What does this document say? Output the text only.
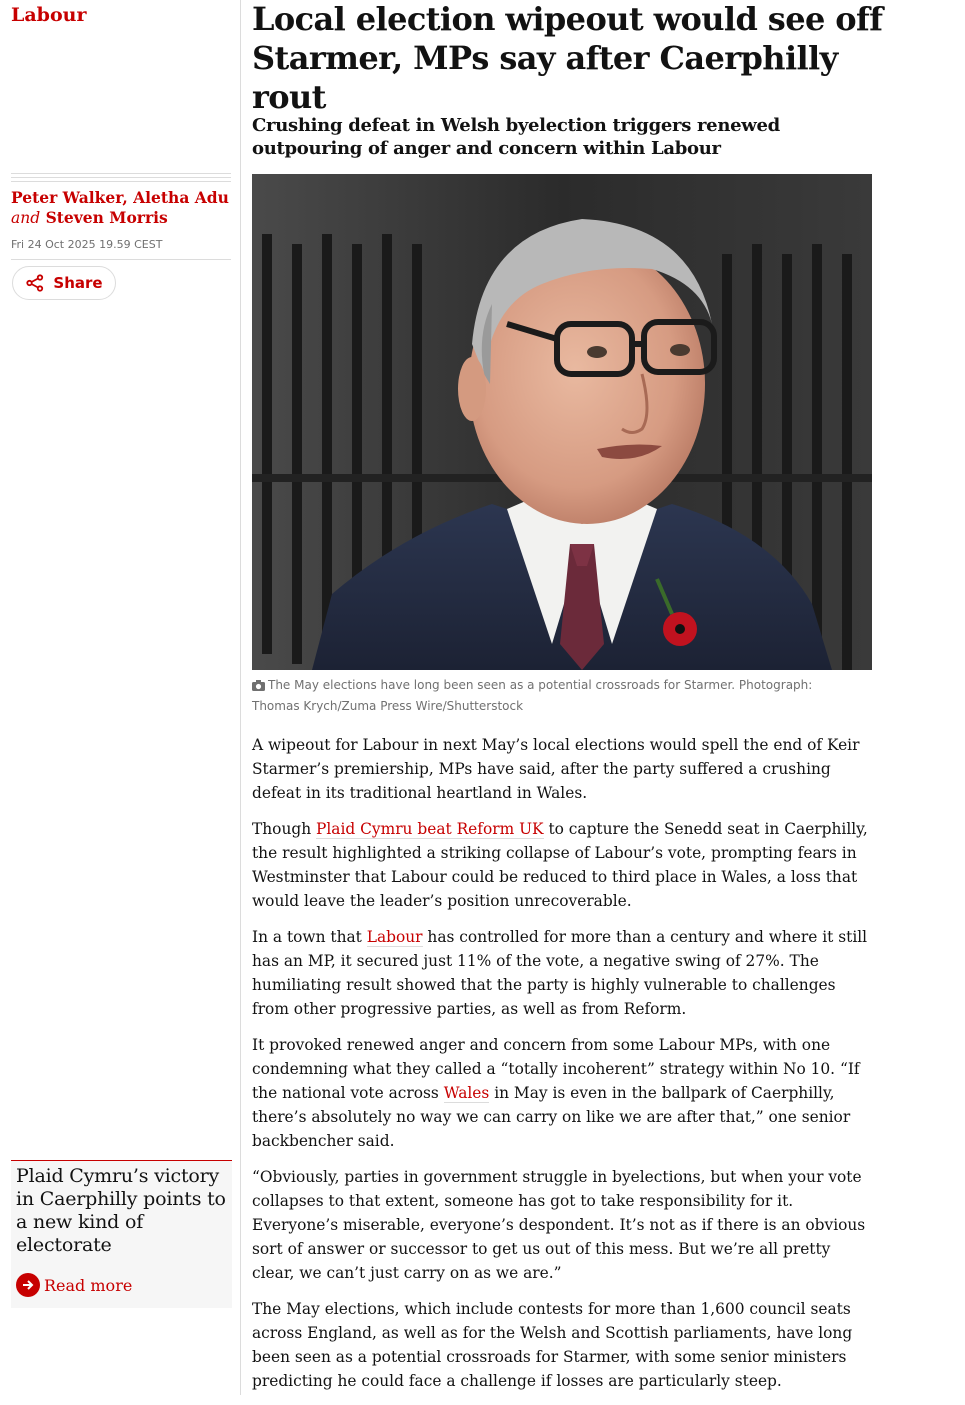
Labour
Peter Walker, Aletha Adu
and Steven Morris
Fri 24 Oct 2025 19.59 CEST
Share
Plaid Cymru’s victory in Caerphilly points to a new kind of electorate
Read more
Local election wipeout would see off Starmer, MPs say after Caerphilly rout
Crushing defeat in Welsh byelection triggers renewed outpouring of anger and concern within Labour
The May elections have long been seen as a potential crossroads for Starmer. Photograph: Thomas Krych/Zuma Press Wire/Shutterstock

A wipeout for Labour in next May’s local elections would spell the end of Keir Starmer’s premiership, MPs have said, after the party suffered a crushing defeat in its traditional heartland in Wales.

Though Plaid Cymru beat Reform UK to capture the Senedd seat in Caerphilly, the result highlighted a striking collapse of Labour’s vote, prompting fears in Westminster that Labour could be reduced to third place in Wales, a loss that would leave the leader’s position unrecoverable.

In a town that Labour has controlled for more than a century and where it still has an MP, it secured just 11% of the vote, a negative swing of 27%. The humiliating result showed that the party is highly vulnerable to challenges from other progressive parties, as well as from Reform.

It provoked renewed anger and concern from some Labour MPs, with one condemning what they called a “totally incoherent” strategy within No 10. “If the national vote across Wales in May is even in the ballpark of Caerphilly, there’s absolutely no way we can carry on like we are after that,” one senior backbencher said.

“Obviously, parties in government struggle in byelections, but when your vote collapses to that extent, someone has got to take responsibility for it. Everyone’s miserable, everyone’s despondent. It’s not as if there is an obvious sort of answer or successor to get us out of this mess. But we’re all pretty clear, we can’t just carry on as we are.”

The May elections, which include contests for more than 1,600 council seats across England, as well as for the Welsh and Scottish parliaments, have long been seen as a potential crossroads for Starmer, with some senior ministers predicting he could face a challenge if losses are particularly steep.
